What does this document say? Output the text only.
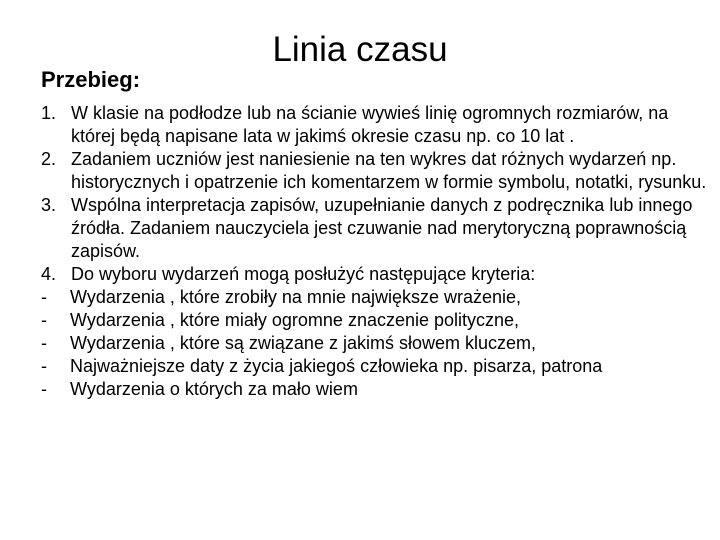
Linia czasu
Przebieg:
1. W klasie na podłodze lub na ścianie wywieś linię ogromnych rozmiarów, na której będą napisane lata w jakimś okresie czasu np. co 10 lat .
2. Zadaniem uczniów jest naniesienie na ten wykres dat różnych wydarzeń np. historycznych i opatrzenie ich komentarzem w formie symbolu, notatki, rysunku.
3. Wspólna interpretacja zapisów, uzupełnianie danych z podręcznika lub innego źródła. Zadaniem nauczyciela jest czuwanie nad merytoryczną poprawnością zapisów.
4. Do wyboru wydarzeń mogą posłużyć następujące kryteria:
-	Wydarzenia , które zrobiły na mnie największe wrażenie,
-	Wydarzenia , które miały ogromne znaczenie polityczne,
-	Wydarzenia , które są związane z jakimś słowem kluczem,
-	Najważniejsze daty z życia jakiegoś człowieka np. pisarza, patrona
-	Wydarzenia o których za mało wiem
